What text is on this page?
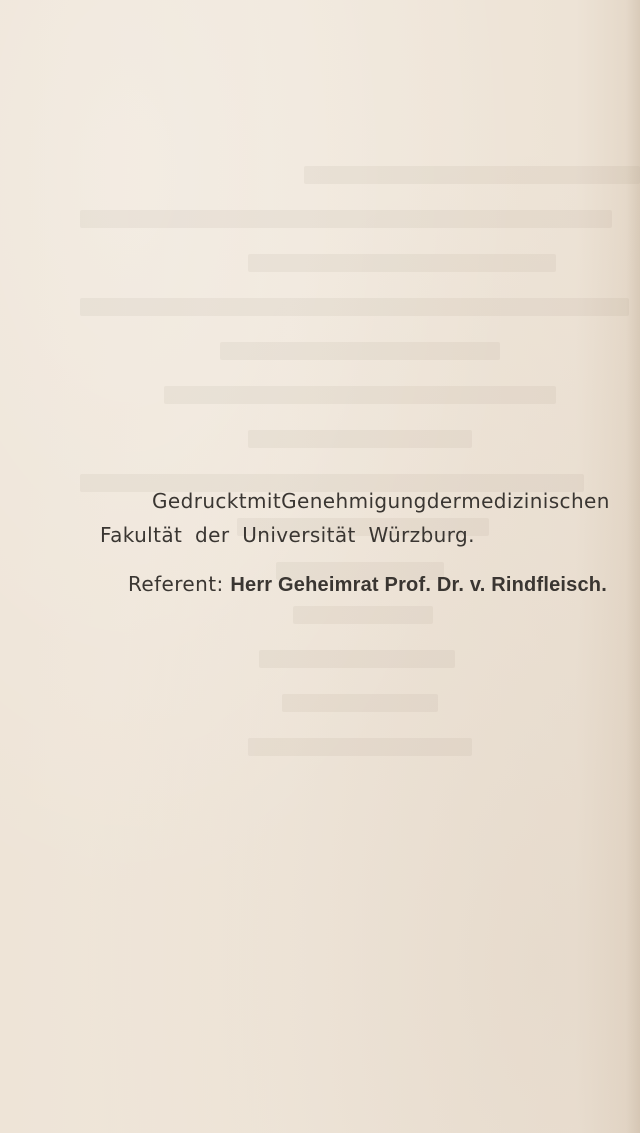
Gedruckt mit Genehmigung der medizinischen
Fakultät der Universität Würzburg.
Referent: Herr Geheimrat Prof. Dr. v. Rindfleisch.
